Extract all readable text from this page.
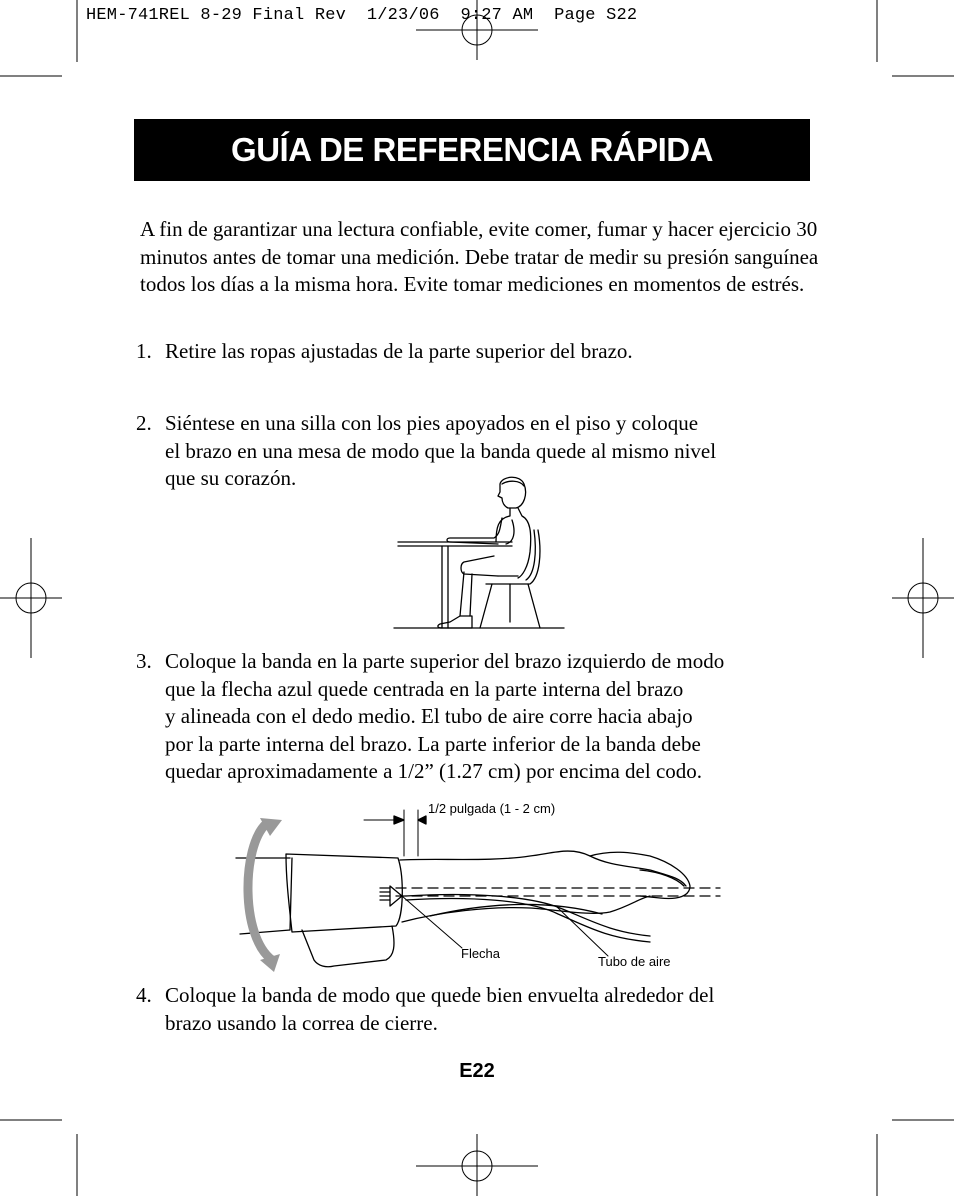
HEM-741REL 8-29 Final Rev  1/23/06  9:27 AM  Page S22
GUÍA DE REFERENCIA RÁPIDA

A fin de garantizar una lectura confiable, evite comer, fumar y hacer ejercicio 30 minutos antes de tomar una medición. Debe tratar de medir su presión sanguínea todos los días a la misma hora. Evite tomar mediciones en momentos de estrés.

1. Retire las ropas ajustadas de la parte superior del brazo.
2. Siéntese en una silla con los pies apoyados en el piso y coloque
el brazo en una mesa de modo que la banda quede al mismo nivel
que su corazón.
3. Coloque la banda en la parte superior del brazo izquierdo de modo
que la flecha azul quede centrada en la parte interna del brazo
y alineada con el dedo medio. El tubo de aire corre hacia abajo
por la parte interna del brazo. La parte inferior de la banda debe
quedar aproximadamente a 1/2” (1.27 cm) por encima del codo.
1/2 pulgada (1 - 2 cm)
Flecha
Tubo de aire
4. Coloque la banda de modo que quede bien envuelta alrededor del
brazo usando la correa de cierre.
E22
